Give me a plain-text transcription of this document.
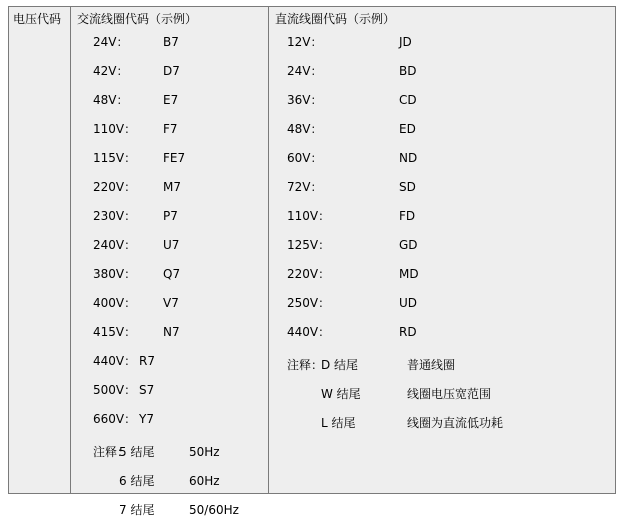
电压代码	交流线圈代码（示例）
24V：	B7
42V：	D7
48V：	E7
110V：	F7
115V：	FE7
220V：	M7
230V：	P7
240V：	U7
380V：	Q7
400V：	V7
415V：	N7
440V： R7
500V： S7
660V： Y7
注释：
5 结尾	50Hz
6 结尾	60Hz
7 结尾	50/60Hz
直流线圈代码（示例）
12V：	JD
24V：	BD
36V：	CD
48V：	ED
60V：	ND
72V：	SD
110V：	FD
125V：	GD
220V：	MD
250V：	UD
440V：	RD
注释：
D 结尾	普通线圈
W 结尾	线圈电压宽范围
L 结尾	线圈为直流低功耗
